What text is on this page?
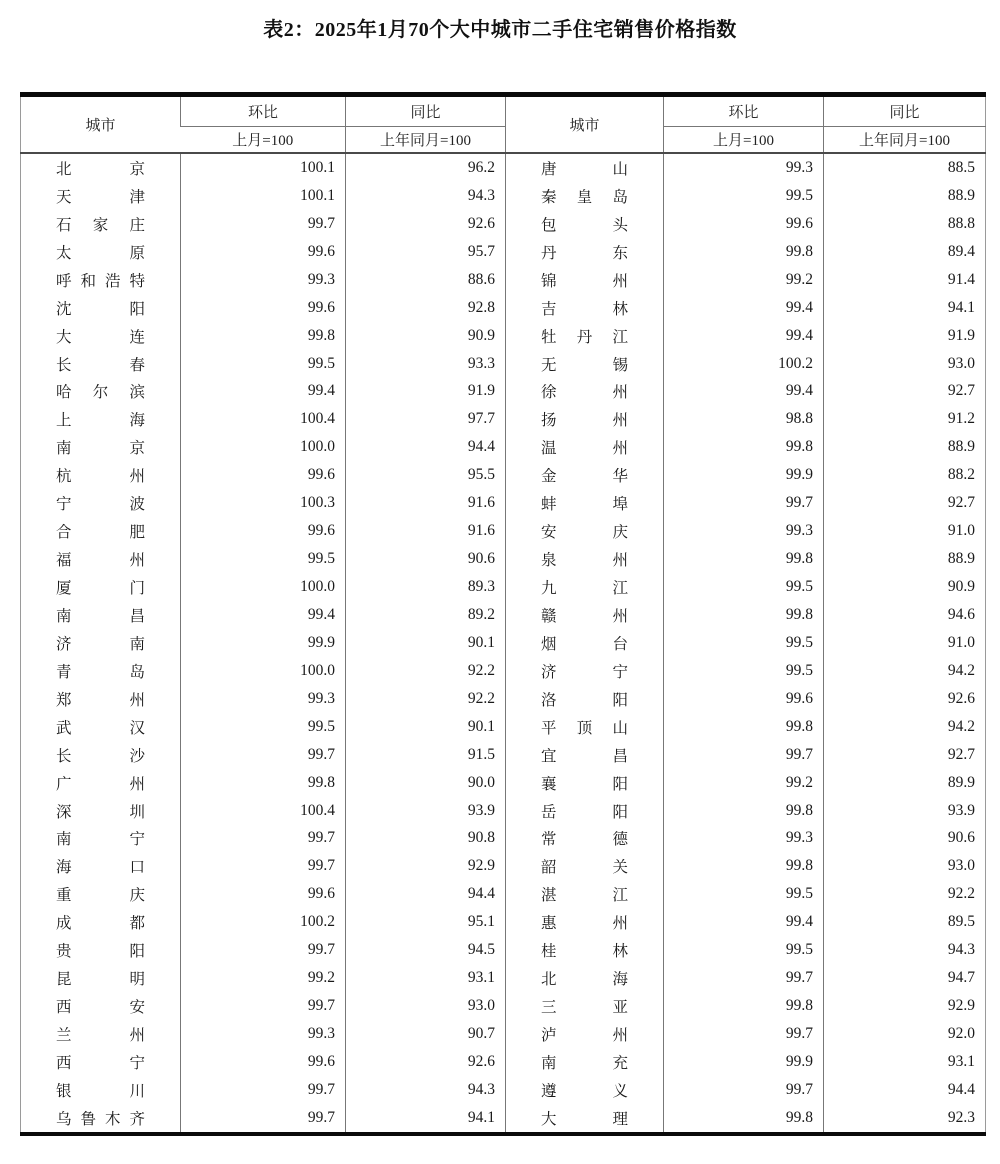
表2：2025年1月70个大中城市二手住宅销售价格指数
城市	环比	同比	城市	环比	同比
	上月=100	上年同月=100		上月=100	上年同月=100
北京	100.1	96.2	唐山	99.3	88.5
天津	100.1	94.3	秦皇岛	99.5	88.9
石家庄	99.7	92.6	包头	99.6	88.8
太原	99.6	95.7	丹东	99.8	89.4
呼和浩特	99.3	88.6	锦州	99.2	91.4
沈阳	99.6	92.8	吉林	99.4	94.1
大连	99.8	90.9	牡丹江	99.4	91.9
长春	99.5	93.3	无锡	100.2	93.0
哈尔滨	99.4	91.9	徐州	99.4	92.7
上海	100.4	97.7	扬州	98.8	91.2
南京	100.0	94.4	温州	99.8	88.9
杭州	99.6	95.5	金华	99.9	88.2
宁波	100.3	91.6	蚌埠	99.7	92.7
合肥	99.6	91.6	安庆	99.3	91.0
福州	99.5	90.6	泉州	99.8	88.9
厦门	100.0	89.3	九江	99.5	90.9
南昌	99.4	89.2	赣州	99.8	94.6
济南	99.9	90.1	烟台	99.5	91.0
青岛	100.0	92.2	济宁	99.5	94.2
郑州	99.3	92.2	洛阳	99.6	92.6
武汉	99.5	90.1	平顶山	99.8	94.2
长沙	99.7	91.5	宜昌	99.7	92.7
广州	99.8	90.0	襄阳	99.2	89.9
深圳	100.4	93.9	岳阳	99.8	93.9
南宁	99.7	90.8	常德	99.3	90.6
海口	99.7	92.9	韶关	99.8	93.0
重庆	99.6	94.4	湛江	99.5	92.2
成都	100.2	95.1	惠州	99.4	89.5
贵阳	99.7	94.5	桂林	99.5	94.3
昆明	99.2	93.1	北海	99.7	94.7
西安	99.7	93.0	三亚	99.8	92.9
兰州	99.3	90.7	泸州	99.7	92.0
西宁	99.6	92.6	南充	99.9	93.1
银川	99.7	94.3	遵义	99.7	94.4
乌鲁木齐	99.7	94.1	大理	99.8	92.3
